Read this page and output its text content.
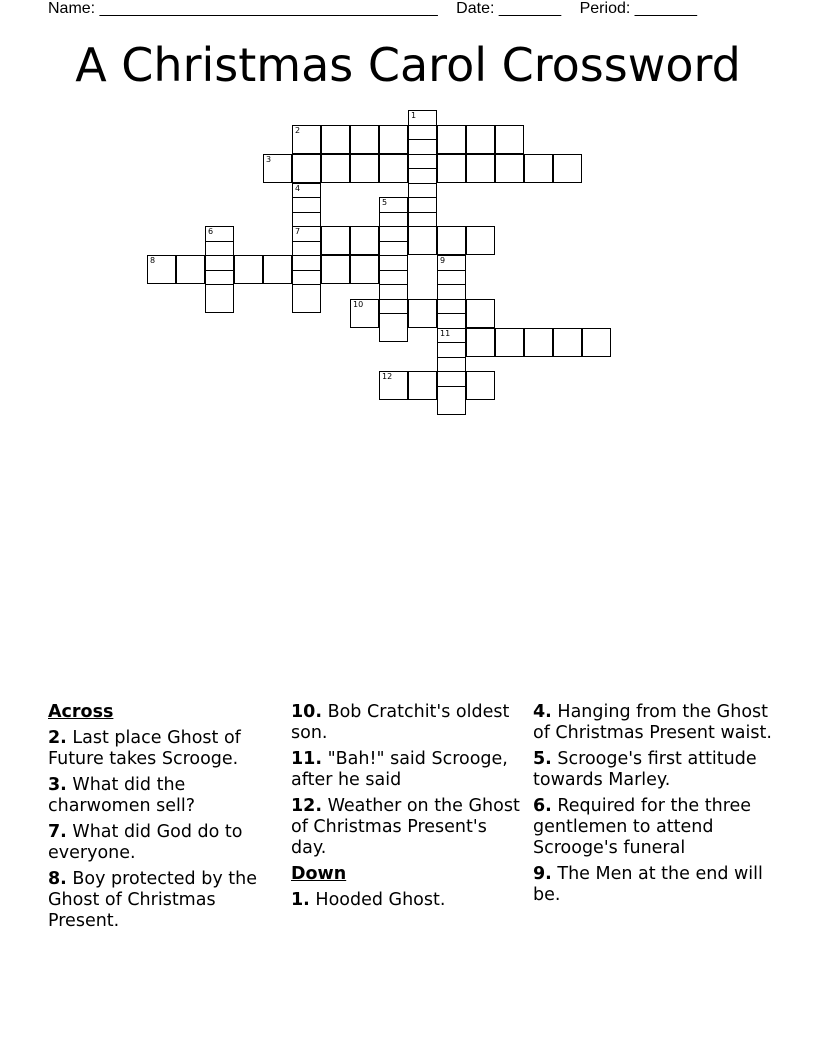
Name: ______________________________________ Date: _______ Period: _______
A Christmas Carol Crossword
1
2
3
4
7
5
6
8	9
11
10
12
Across
2. Last place Ghost of Future takes Scrooge.
3. What did the charwomen sell?
7. What did God do to everyone.
8. Boy protected by the Ghost of Christmas Present.
10. Bob Cratchit's oldest son.
11. "Bah!" said Scrooge, after he said
12. Weather on the Ghost of Christmas Present's day.
Down
1. Hooded Ghost.
4. Hanging from the Ghost of Christmas Present waist.
5. Scrooge's first attitude towards Marley.
6. Required for the three gentlemen to attend Scrooge's funeral
9. The Men at the end will be.
